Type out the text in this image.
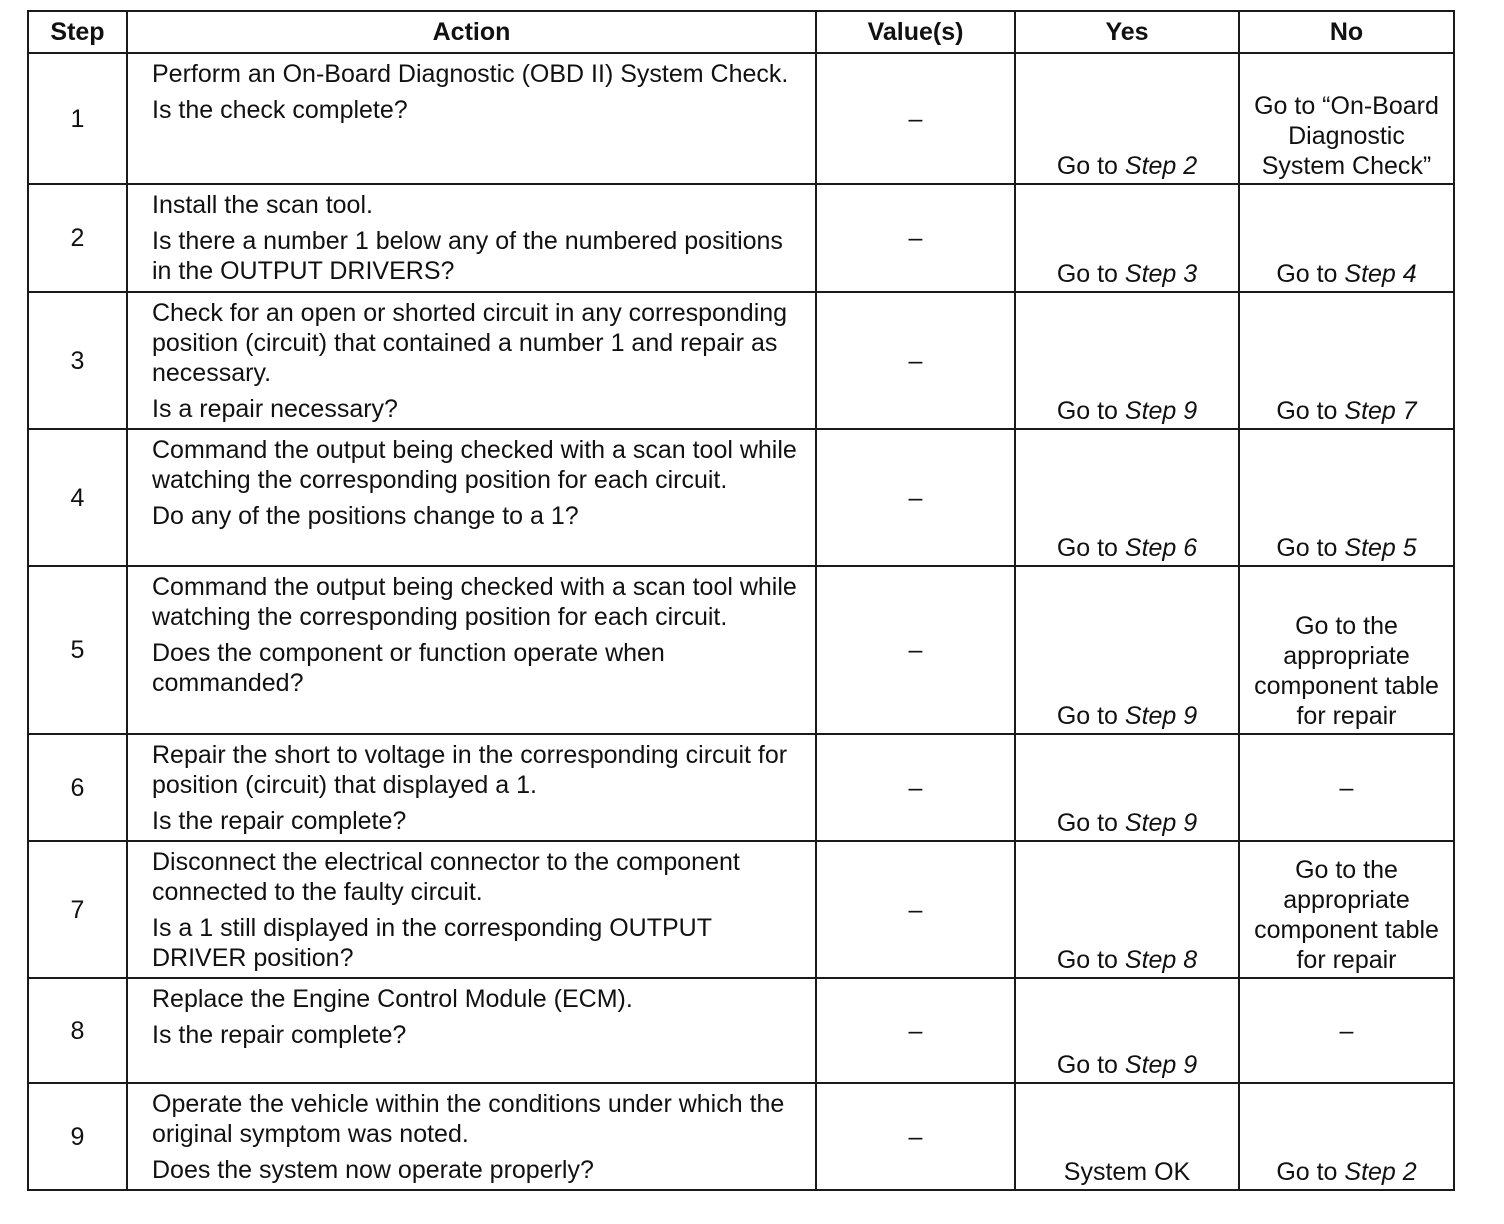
Step	Action	Value(s)	Yes	No
1	Perform an On-Board Diagnostic (OBD II) System Check.
Is the check complete?	–	Go to Step 2	Go to “On-Board Diagnostic System Check”
2	Install the scan tool.
Is there a number 1 below any of the numbered positions in the OUTPUT DRIVERS?	–	Go to Step 3	Go to Step 4
3	Check for an open or shorted circuit in any corresponding position (circuit) that contained a number 1 and repair as necessary.
Is a repair necessary?	–	Go to Step 9	Go to Step 7
4	Command the output being checked with a scan tool while watching the corresponding position for each circuit.
Do any of the positions change to a 1?	–	Go to Step 6	Go to Step 5
5	Command the output being checked with a scan tool while watching the corresponding position for each circuit.
Does the component or function operate when commanded?	–	Go to Step 9	Go to the appropriate component table for repair
6	Repair the short to voltage in the corresponding circuit for position (circuit) that displayed a 1.
Is the repair complete?	–	Go to Step 9	–
7	Disconnect the electrical connector to the component connected to the faulty circuit.
Is a 1 still displayed in the corresponding OUTPUT DRIVER position?	–	Go to Step 8	Go to the appropriate component table for repair
8	Replace the Engine Control Module (ECM).
Is the repair complete?	–	Go to Step 9	–
9	Operate the vehicle within the conditions under which the original symptom was noted.
Does the system now operate properly?	–	System OK	Go to Step 2
